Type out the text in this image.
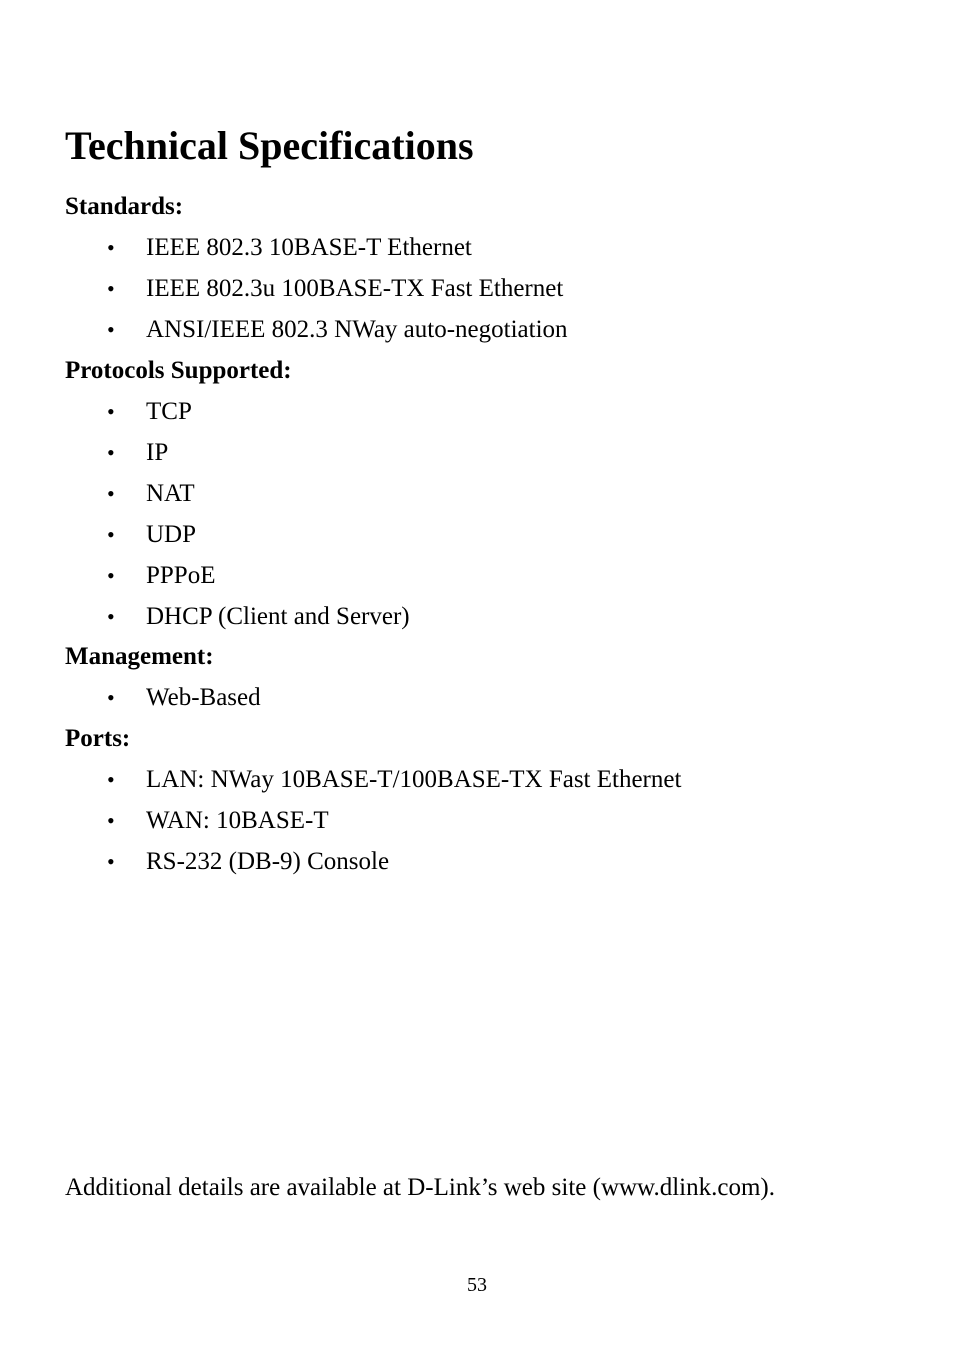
Technical Specifications
Standards:
• IEEE 802.3 10BASE-T Ethernet
• IEEE 802.3u 100BASE-TX Fast Ethernet
• ANSI/IEEE 802.3 NWay auto-negotiation
Protocols Supported:
• TCP
• IP
• NAT
• UDP
• PPPoE
• DHCP (Client and Server)
Management:
• Web-Based
Ports:
• LAN: NWay 10BASE-T/100BASE-TX Fast Ethernet
• WAN: 10BASE-T
• RS-232 (DB-9) Console

Additional details are available at D-Link’s web site (www.dlink.com).

53
